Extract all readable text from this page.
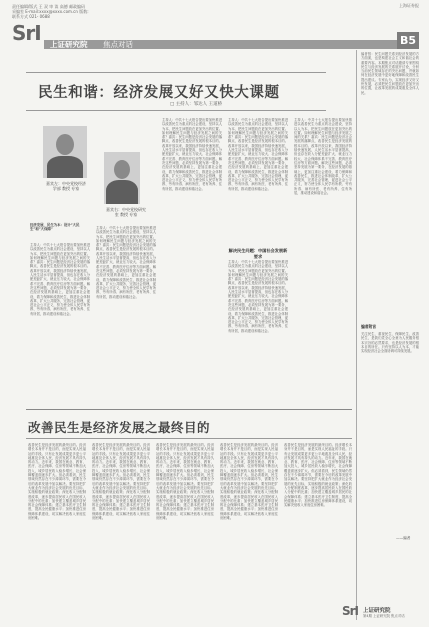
责任编辑/版式 王 双 审 读 高德 邮政编码
采编室 E-mail:xxxx@xxxx.com.cn 版数:
联系方式 021- 0688
上海证券报
SrI 上证研究院 焦点对话	B5
民生和谐：经济发展又好又快大课题
□ 主持人：邹达人 王道桥
嘉宾左：中央党校经济
学部 教授 专家
嘉宾右：中央党校研究
室 教授 专家
经济发展，民生为本：设计“大民生”和“大保障”
主持人：中共十七大报告提出要加快推进以改善民生为重点的社会建设，坚持以人为本，把民生问题放在更加突出的位置。如何理解民生问题与经济发展之间的关系？嘉宾：民生问题是经济社会发展的落脚点，改善民生是经济发展的根本目的。改革开放以来，我国经济持续快速发展，人民生活水平显著提高，但也存在收入分配差距扩大、就业压力较大、社会保障体系不完善、教育医疗住房等方面问题。解决这些问题，必须坚持发展为第一要务，在经济发展的基础上，更加注重社会建设，着力保障和改善民生，推进社会体制改革，扩大公共服务，完善社会管理，促进社会公平正义，努力使全体人民学有所教、劳有所得、病有所医、老有所养、住有所居，推动建设和谐社会。
主持人：中共十七大报告提出要加快推进以改善民生为重点的社会建设，坚持以人为本，把民生问题放在更加突出的位置。如何理解民生问题与经济发展之间的关系？嘉宾：民生问题是经济社会发展的落脚点，改善民生是经济发展的根本目的。改革开放以来，我国经济持续快速发展，人民生活水平显著提高，但也存在收入分配差距扩大、就业压力较大、社会保障体系不完善、教育医疗住房等方面问题。解决这些问题，必须坚持发展为第一要务，在经济发展的基础上，更加注重社会建设，着力保障和改善民生，推进社会体制改革，扩大公共服务，完善社会管理，促进社会公平正义，努力使全体人民学有所教、劳有所得、病有所医、老有所养、住有所居，推动建设和谐社会。
主持人：中共十七大报告提出要加快推进以改善民生为重点的社会建设，坚持以人为本，把民生问题放在更加突出的位置。如何理解民生问题与经济发展之间的关系？嘉宾：民生问题是经济社会发展的落脚点，改善民生是经济发展的根本目的。改革开放以来，我国经济持续快速发展，人民生活水平显著提高，但也存在收入分配差距扩大、就业压力较大、社会保障体系不完善、教育医疗住房等方面问题。解决这些问题，必须坚持发展为第一要务，在经济发展的基础上，更加注重社会建设，着力保障和改善民生，推进社会体制改革，扩大公共服务，完善社会管理，促进社会公平正义，努力使全体人民学有所教、劳有所得、病有所医、老有所养、住有所居，推动建设和谐社会。
主持人：中共十七大报告提出要加快推进以改善民生为重点的社会建设，坚持以人为本，把民生问题放在更加突出的位置。如何理解民生问题与经济发展之间的关系？嘉宾：民生问题是经济社会发展的落脚点，改善民生是经济发展的根本目的。改革开放以来，我国经济持续快速发展，人民生活水平显著提高，但也存在收入分配差距扩大、就业压力较大、社会保障体系不完善、教育医疗住房等方面问题。解决这些问题，必须坚持发展为第一要务，在经济发展的基础上，更加注重社会建设，着力保障和改善民生，推进社会体制改革，扩大公共服务，完善社会管理，促进社会公平正义，努力使全体人民学有所教、劳有所得、病有所医、老有所养、住有所居，推动建设和谐社会。
解决民生问题：中国社会发展新要求
主持人：中共十七大报告提出要加快推进以改善民生为重点的社会建设，坚持以人为本，把民生问题放在更加突出的位置。如何理解民生问题与经济发展之间的关系？嘉宾：民生问题是经济社会发展的落脚点，改善民生是经济发展的根本目的。改革开放以来，我国经济持续快速发展，人民生活水平显著提高，但也存在收入分配差距扩大、就业压力较大、社会保障体系不完善、教育医疗住房等方面问题。解决这些问题，必须坚持发展为第一要务，在经济发展的基础上，更加注重社会建设，着力保障和改善民生，推进社会体制改革，扩大公共服务，完善社会管理，促进社会公平正义，努力使全体人民学有所教、劳有所得、病有所医、老有所养、住有所居，推动建设和谐社会。
主持人：中共十七大报告提出要加快推进以改善民生为重点的社会建设，坚持以人为本，把民生问题放在更加突出的位置。如何理解民生问题与经济发展之间的关系？嘉宾：民生问题是经济社会发展的落脚点，改善民生是经济发展的根本目的。改革开放以来，我国经济持续快速发展，人民生活水平显著提高，但也存在收入分配差距扩大、就业压力较大、社会保障体系不完善、教育医疗住房等方面问题。解决这些问题，必须坚持发展为第一要务，在经济发展的基础上，更加注重社会建设，着力保障和改善民生，推进社会体制改革，扩大公共服务，完善社会管理，促进社会公平正义，努力使全体人民学有所教、劳有所得、病有所医、老有所养、住有所居，推动建设和谐社会。
改善民生是经济发展之最终目的
改善民生是经济发展的最终目的。经济增长本身并不是目的，而是实现人民福祉的手段。只有让发展成果更多更公平地惠及全体人民，经济发展才具有持久的动力。近年来，我国在就业、教育、医疗、社会保障、住房等领域不断加大投入，城乡居民收入稳步增长，社会保障覆盖面逐步扩大。但必须看到，民生领域仍然存在不少薄弱环节，需要在今后的改革发展中加以解决。要坚持把扩大就业作为经济社会发展的优先目标，实施积极的就业政策；深化收入分配制度改革，逐步提高居民收入在国民收入分配中的比重；加快建立覆盖城乡居民的社会保障体系；建立基本医疗卫生制度，提高全民健康水平；加快推进住房保障体系建设，切实解决低收入家庭住房困难。
改善民生是经济发展的最终目的。经济增长本身并不是目的，而是实现人民福祉的手段。只有让发展成果更多更公平地惠及全体人民，经济发展才具有持久的动力。近年来，我国在就业、教育、医疗、社会保障、住房等领域不断加大投入，城乡居民收入稳步增长，社会保障覆盖面逐步扩大。但必须看到，民生领域仍然存在不少薄弱环节，需要在今后的改革发展中加以解决。要坚持把扩大就业作为经济社会发展的优先目标，实施积极的就业政策；深化收入分配制度改革，逐步提高居民收入在国民收入分配中的比重；加快建立覆盖城乡居民的社会保障体系；建立基本医疗卫生制度，提高全民健康水平；加快推进住房保障体系建设，切实解决低收入家庭住房困难。
改善民生是经济发展的最终目的。经济增长本身并不是目的，而是实现人民福祉的手段。只有让发展成果更多更公平地惠及全体人民，经济发展才具有持久的动力。近年来，我国在就业、教育、医疗、社会保障、住房等领域不断加大投入，城乡居民收入稳步增长，社会保障覆盖面逐步扩大。但必须看到，民生领域仍然存在不少薄弱环节，需要在今后的改革发展中加以解决。要坚持把扩大就业作为经济社会发展的优先目标，实施积极的就业政策；深化收入分配制度改革，逐步提高居民收入在国民收入分配中的比重；加快建立覆盖城乡居民的社会保障体系；建立基本医疗卫生制度，提高全民健康水平；加快推进住房保障体系建设，切实解决低收入家庭住房困难。
改善民生是经济发展的最终目的。经济增长本身并不是目的，而是实现人民福祉的手段。只有让发展成果更多更公平地惠及全体人民，经济发展才具有持久的动力。近年来，我国在就业、教育、医疗、社会保障、住房等领域不断加大投入，城乡居民收入稳步增长，社会保障覆盖面逐步扩大。但必须看到，民生领域仍然存在不少薄弱环节，需要在今后的改革发展中加以解决。要坚持把扩大就业作为经济社会发展的优先目标，实施积极的就业政策；深化收入分配制度改革，逐步提高居民收入在国民收入分配中的比重；加快建立覆盖城乡居民的社会保障体系；建立基本医疗卫生制度，提高全民健康水平；加快推进住房保障体系建设，切实解决低收入家庭住房困难。
改善民生是经济发展的最终目的。经济增长本身并不是目的，而是实现人民福祉的手段。只有让发展成果更多更公平地惠及全体人民，经济发展才具有持久的动力。近年来，我国在就业、教育、医疗、社会保障、住房等领域不断加大投入，城乡居民收入稳步增长，社会保障覆盖面逐步扩大。但必须看到，民生领域仍然存在不少薄弱环节，需要在今后的改革发展中加以解决。要坚持把扩大就业作为经济社会发展的优先目标，实施积极的就业政策；深化收入分配制度改革，逐步提高居民收入在国民收入分配中的比重；加快建立覆盖城乡居民的社会保障体系；建立基本医疗卫生制度，提高全民健康水平；加快推进住房保障体系建设，切实解决低收入家庭住房困难。
编者按：民生问题关系到经济发展的方方面面，也是构建社会主义和谐社会的重要内容。本期焦点对话邀请专家围绕民生与经济发展的关系展开讨论，分析当前民生领域存在的突出问题，并就如何在经济发展中更好地保障和改善民生提出建议。专家认为，实现经济又好又快发展，必须把民生问题放在更加突出的位置，让改革发展的成果惠及全体人民。
编者附言
关注民生、重视民生、保障民生、改善民生，是我们党全心全意为人民服务根本宗旨的必然要求，也是经济发展的根本目的所在。只有坚持以人为本，才能实现经济社会全面协调可持续发展。
——编者
SrI 上证研究院
第4期 上证研究院 焦点对话
